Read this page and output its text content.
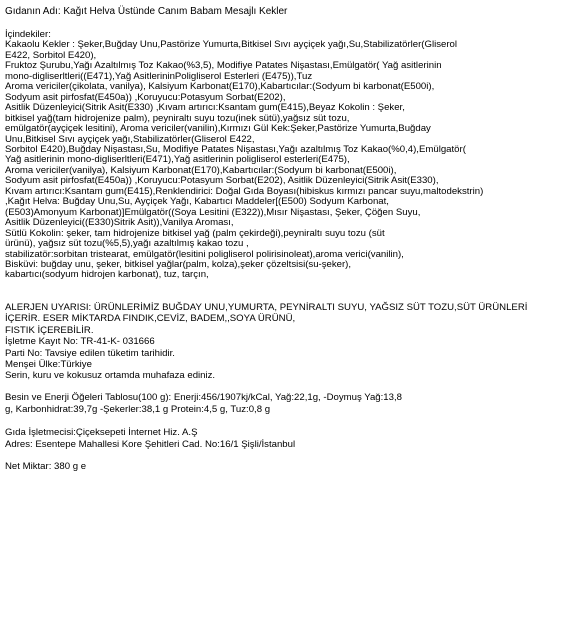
Gıdanın Adı: Kağıt Helva Üstünde Canım Babam Mesajlı Kekler
İçindekiler:
Kakaolu Kekler : Şeker,Buğday Unu,Pastörize Yumurta,Bitkisel Sıvı ayçiçek yağı,Su,Stabilizatörler(Gliserol
E422, Sorbitol E420),
Fruktoz Şurubu,Yağı Azaltılmış Toz Kakao(%3,5), Modifiye Patates Nişastası,Emülgatör( Yağ asitlerinin
mono-digliserltleri((E471),Yağ AsitlerininPoligliserol Esterleri (E475)),Tuz
Aroma vericiler(çikolata, vanilya), Kalsiyum Karbonat(E170),Kabartıcılar:(Sodyum bi karbonat(E500i),
Sodyum asit pirfosfat(E450a)) ,Koruyucu:Potasyum Sorbat(E202),
Asitlik Düzenleyici(Sitrik Asit(E330) ,Kıvam artırıcı:Ksantam gum(E415),Beyaz Kokolin : Şeker,
bitkisel yağ(tam hidrojenize palm), peyniraltı suyu tozu(inek sütü),yağsız süt tozu,
emülgatör(ayçiçek lesitini), Aroma vericiler(vanilin),Kırmızı Gül Kek:Şeker,Pastörize Yumurta,Buğday
Unu,Bitkisel Sıvı ayçiçek yağı,Stabilizatörler(Gliserol E422,
Sorbitol E420),Buğday Nişastası,Su, Modifiye Patates Nişastası,Yağı azaltılmış Toz Kakao(%0,4),Emülgatör(
Yağ asitlerinin mono-digliserltleri(E471),Yağ asitlerinin poligliserol esterleri(E475),
Aroma vericiler(vanilya), Kalsiyum Karbonat(E170),Kabartıcılar:(Sodyum bi karbonat(E500i),
Sodyum asit pirfosfat(E450a)) ,Koruyucu:Potasyum Sorbat(E202), Asitlik Düzenleyici(Sitrik Asit(E330),
Kıvam artırıcı:Ksantam gum(E415),Renklendirici: Doğal Gıda Boyası(hibiskus kırmızı pancar suyu,maltodekstrin)
,Kağıt Helva: Buğday Unu,Su, Ayçiçek Yağı, Kabartıcı Maddeler[(E500) Sodyum Karbonat,
(E503)Amonyum Karbonat)]Emülgatör((Soya Lesitini (E322)),Mısır Nişastası, Şeker, Çöğen Suyu,
Asitlik Düzenleyici((E330)Sitrik Asit)),Vanilya Aroması,
Sütlü Kokolin: şeker, tam hidrojenize bitkisel yağ (palm çekirdeği),peyniraltı suyu tozu (süt
ürünü), yağsız süt tozu(%5,5),yağı azaltılmış kakao tozu ,
stabilizatör:sorbitan tristearat, emülgatör(lesitini poligliserol polirisinoleat),aroma verici(vanilin),
Bisküvi: buğday unu, şeker, bitkisel yağlar(palm, kolza),şeker çözeltsisi(su-şeker),
kabartıcı(sodyum hidrojen karbonat), tuz, tarçın,
ALERJEN UYARISI: ÜRÜNLERİMİZ BUĞDAY UNU,YUMURTA, PEYNİRALTI SUYU, YAĞSIZ SÜT TOZU,SÜT ÜRÜNLERİ
İÇERİR. ESER MİKTARDA FINDIK,CEVİZ, BADEM,,SOYA ÜRÜNÜ,
FISTIK İÇEREBİLİR.
İşletme Kayıt No: TR-41-K- 031666
Parti No: Tavsiye edilen tüketim tarihidir.
Menşei Ülke:Türkiye
Serin, kuru ve kokusuz ortamda muhafaza ediniz.
Besin ve Enerji Öğeleri Tablosu(100 g): Enerji:456/1907kj/kCal, Yağ:22,1g, -Doymuş Yağ:13,8
g, Karbonhidrat:39,7g -Şekerler:38,1 g Protein:4,5 g, Tuz:0,8 g
Gıda İşletmecisi:Çiçeksepeti İnternet Hiz. A.Ş
Adres: Esentepe Mahallesi Kore Şehitleri Cad. No:16/1 Şişli/İstanbul
Net Miktar: 380 g e
